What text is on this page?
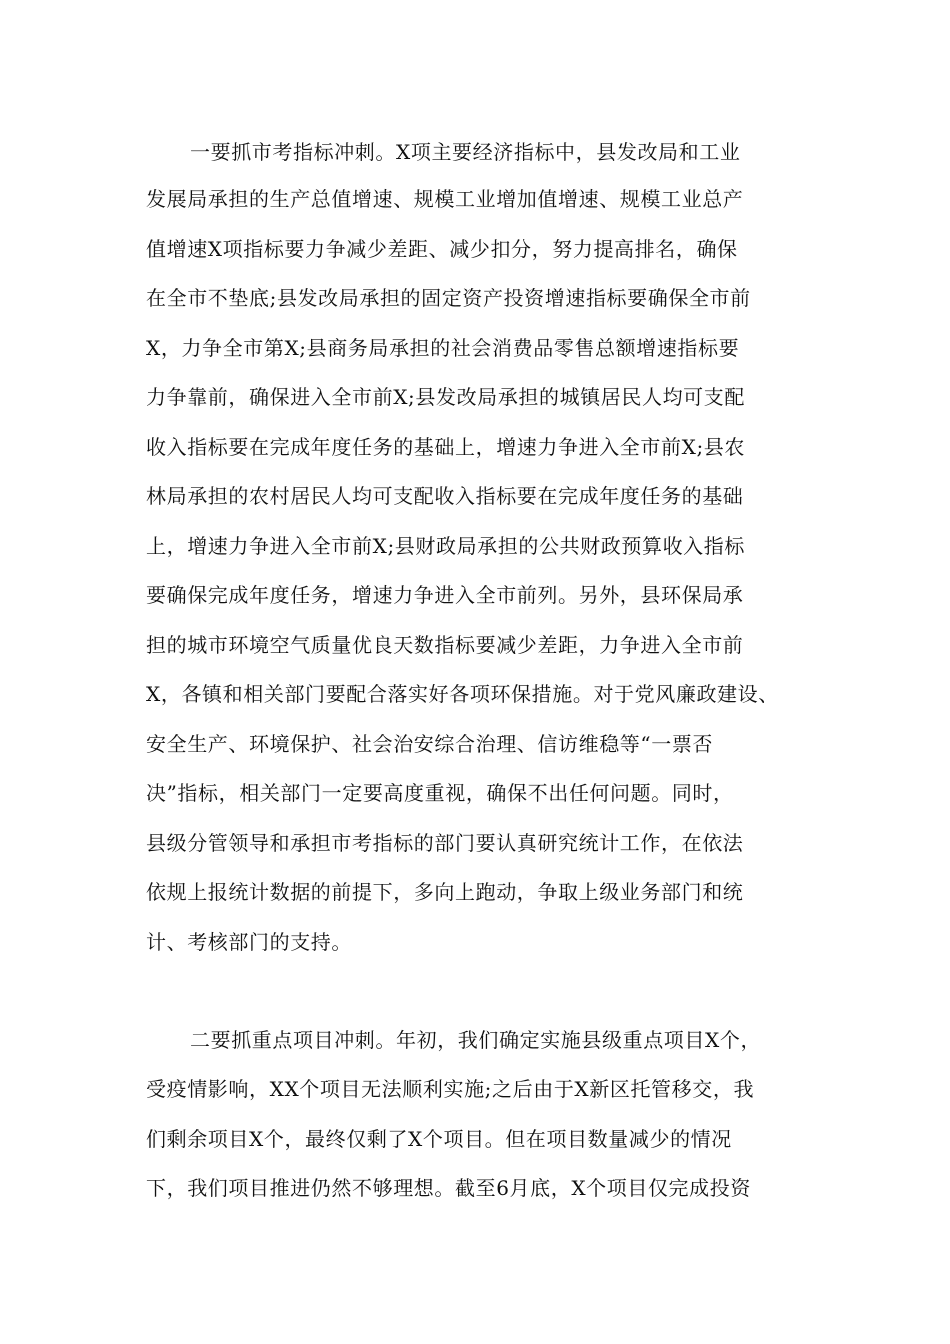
一要抓市考指标冲刺。X项主要经济指标中，县发改局和工业
发展局承担的生产总值增速、规模工业增加值增速、规模工业总产
值增速X项指标要力争减少差距、减少扣分，努力提高排名，确保
在全市不垫底;县发改局承担的固定资产投资增速指标要确保全市前
X，力争全市第X;县商务局承担的社会消费品零售总额增速指标要
力争靠前，确保进入全市前X;县发改局承担的城镇居民人均可支配
收入指标要在完成年度任务的基础上，增速力争进入全市前X;县农
林局承担的农村居民人均可支配收入指标要在完成年度任务的基础
上，增速力争进入全市前X;县财政局承担的公共财政预算收入指标
要确保完成年度任务，增速力争进入全市前列。另外，县环保局承
担的城市环境空气质量优良天数指标要减少差距，力争进入全市前
X，各镇和相关部门要配合落实好各项环保措施。对于党风廉政建设、
安全生产、环境保护、社会治安综合治理、信访维稳等“一票否
决”指标，相关部门一定要高度重视，确保不出任何问题。同时，
县级分管领导和承担市考指标的部门要认真研究统计工作，在依法
依规上报统计数据的前提下，多向上跑动，争取上级业务部门和统
计、考核部门的支持。
二要抓重点项目冲刺。年初，我们确定实施县级重点项目X个，
受疫情影响，XX个项目无法顺利实施;之后由于X新区托管移交，我
们剩余项目X个，最终仅剩了X个项目。但在项目数量减少的情况
下，我们项目推进仍然不够理想。截至6月底，X个项目仅完成投资
